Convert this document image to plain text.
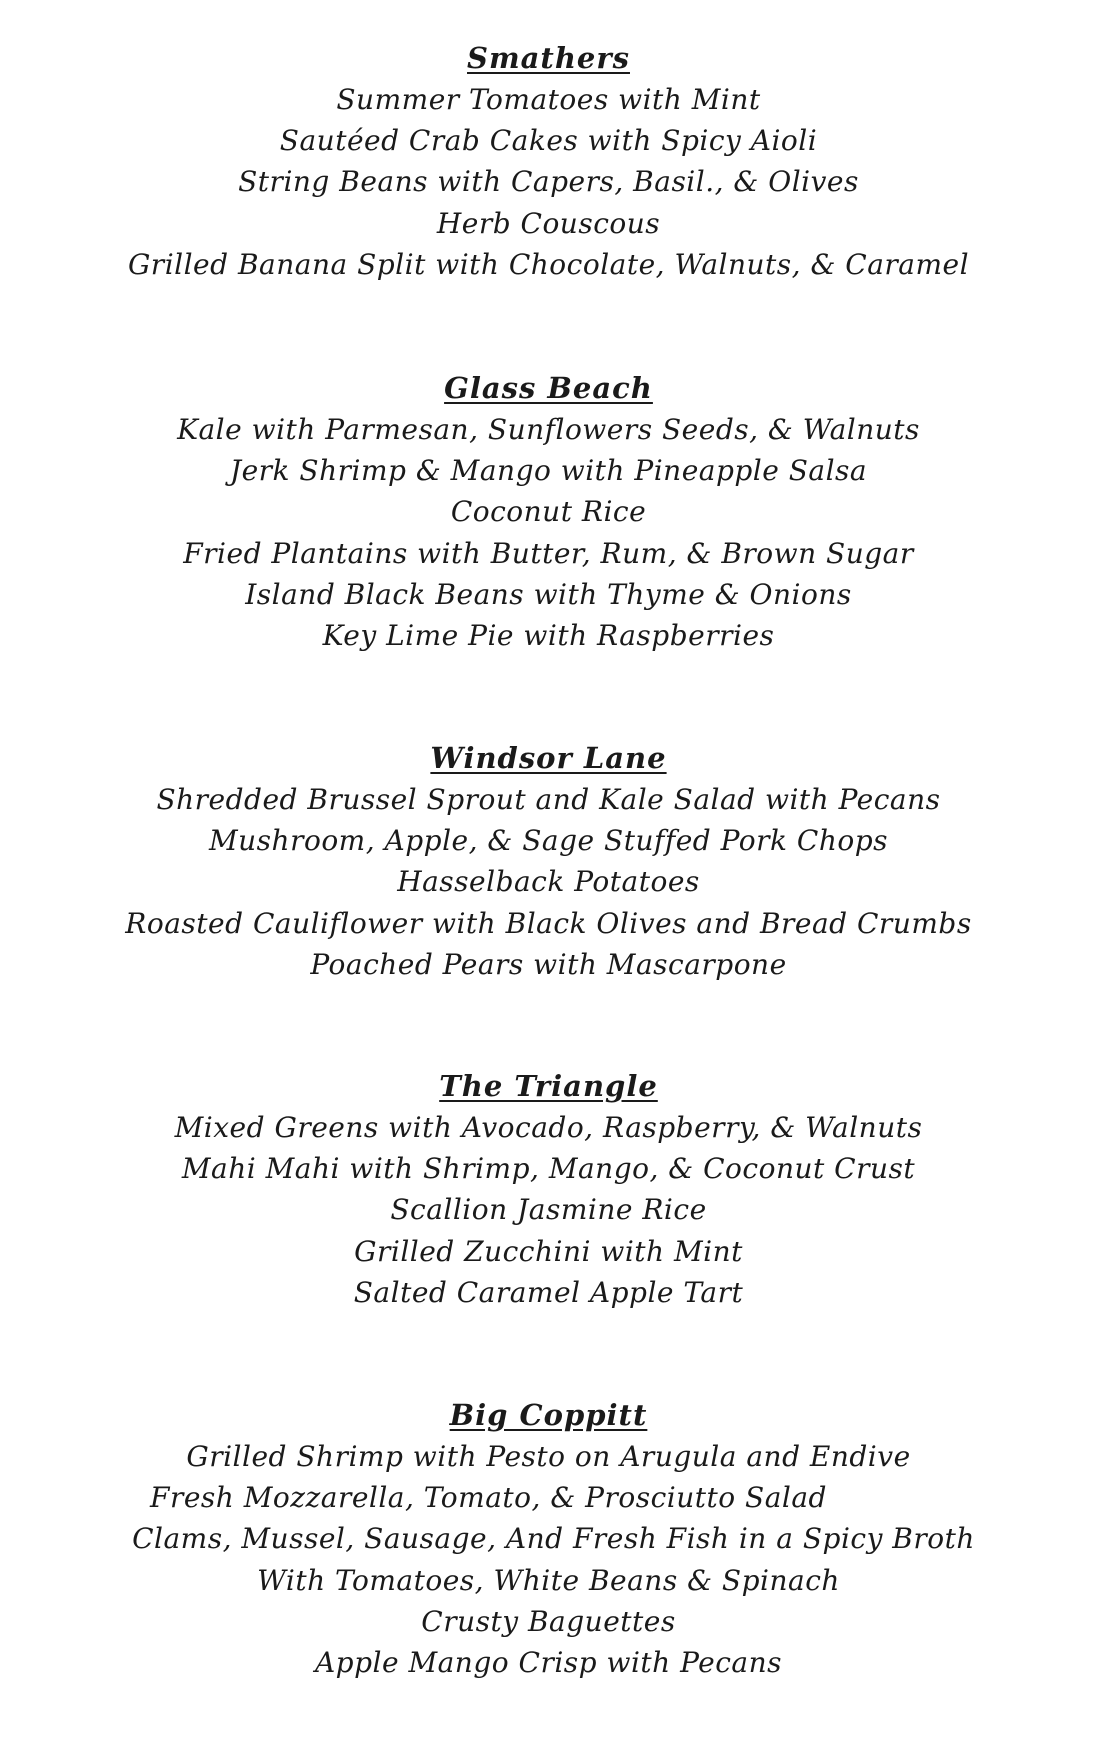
Smathers
Summer Tomatoes with Mint
Sautéed Crab Cakes with Spicy Aioli
String Beans with Capers, Basil., & Olives
Herb Couscous
Grilled Banana Split with Chocolate, Walnuts, & Caramel
Glass Beach
Kale with Parmesan, Sunflowers Seeds, & Walnuts
Jerk Shrimp & Mango with Pineapple Salsa
Coconut Rice
Fried Plantains with Butter, Rum, & Brown Sugar
Island Black Beans with Thyme & Onions
Key Lime Pie with Raspberries
Windsor Lane
Shredded Brussel Sprout and Kale Salad with Pecans
Mushroom, Apple, & Sage Stuffed Pork Chops
Hasselback Potatoes
Roasted Cauliflower with Black Olives and Bread Crumbs
Poached Pears with Mascarpone
The Triangle
Mixed Greens with Avocado, Raspberry, & Walnuts
Mahi Mahi with Shrimp, Mango, & Coconut Crust
Scallion Jasmine Rice
Grilled Zucchini with Mint
Salted Caramel Apple Tart
Big Coppitt
Grilled Shrimp with Pesto on Arugula and Endive
Fresh Mozzarella, Tomato, & Prosciutto Salad
Clams, Mussel, Sausage, And Fresh Fish in a Spicy Broth
With Tomatoes, White Beans & Spinach
Crusty Baguettes
Apple Mango Crisp with Pecans
